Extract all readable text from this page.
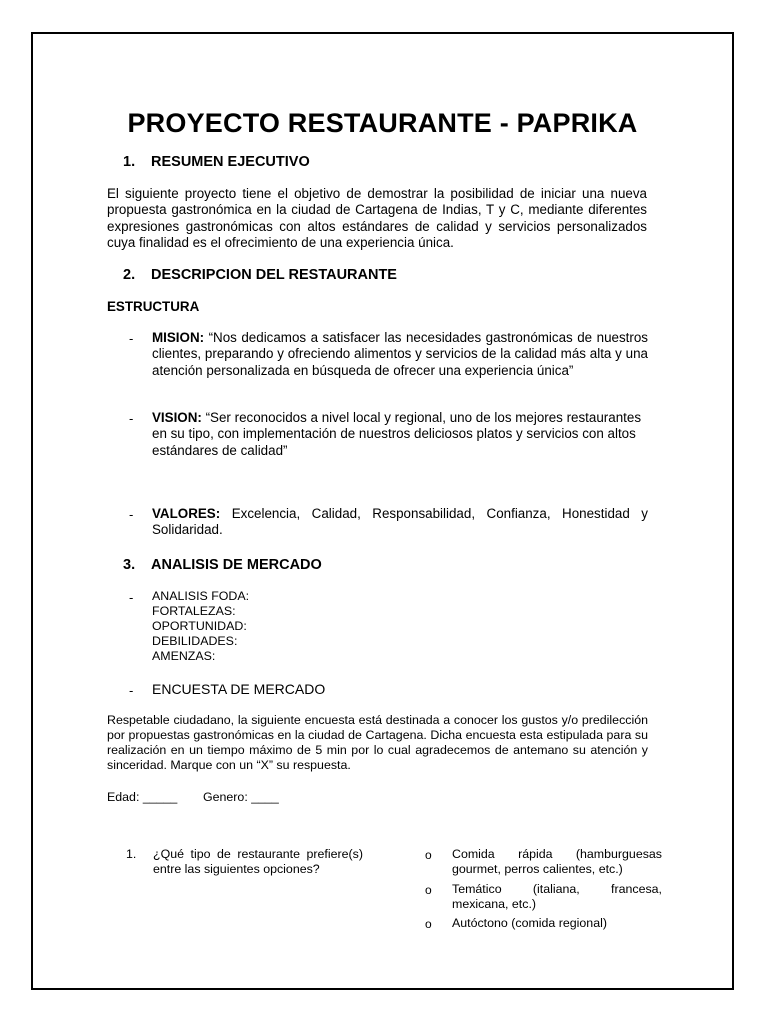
PROYECTO RESTAURANTE - PAPRIKA
1. RESUMEN EJECUTIVO

El siguiente proyecto tiene el objetivo de demostrar la posibilidad de iniciar una nueva propuesta gastronómica en la ciudad de Cartagena de Indias, T y C, mediante diferentes expresiones gastronómicas con altos estándares de calidad y servicios personalizados cuya finalidad es el ofrecimiento de una experiencia única.

2. DESCRIPCION DEL RESTAURANTE
ESTRUCTURA
- MISION: “Nos dedicamos a satisfacer las necesidades gastronómicas de nuestros clientes, preparando y ofreciendo alimentos y servicios de la calidad más alta y una atención personalizada en búsqueda de ofrecer una experiencia única”

- VISION: “Ser reconocidos a nivel local y regional, uno de los mejores restaurantes en su tipo, con implementación de nuestros deliciosos platos y servicios con altos estándares de calidad”

- VALORES: Excelencia, Calidad, Responsabilidad, Confianza, Honestidad y Solidaridad.

3. ANALISIS DE MERCADO
- ANALISIS FODA:
FORTALEZAS:
OPORTUNIDAD:
DEBILIDADES:
AMENZAS:
- ENCUESTA DE MERCADO

Respetable ciudadano, la siguiente encuesta está destinada a conocer los gustos y/o predilección por propuestas gastronómicas en la ciudad de Cartagena. Dicha encuesta esta estipulada para su realización en un tiempo máximo de 5 min por lo cual agradecemos de antemano su atención y sinceridad. Marque con un “X” su respuesta.

Edad: _____ Genero: ____
1. ¿Qué tipo de restaurante prefiere(s) entre las siguientes opciones?

o Comida rápida (hamburguesas gourmet, perros calientes, etc.)

o Temático (italiana, francesa, mexicana, etc.)

o Autóctono (comida regional)
